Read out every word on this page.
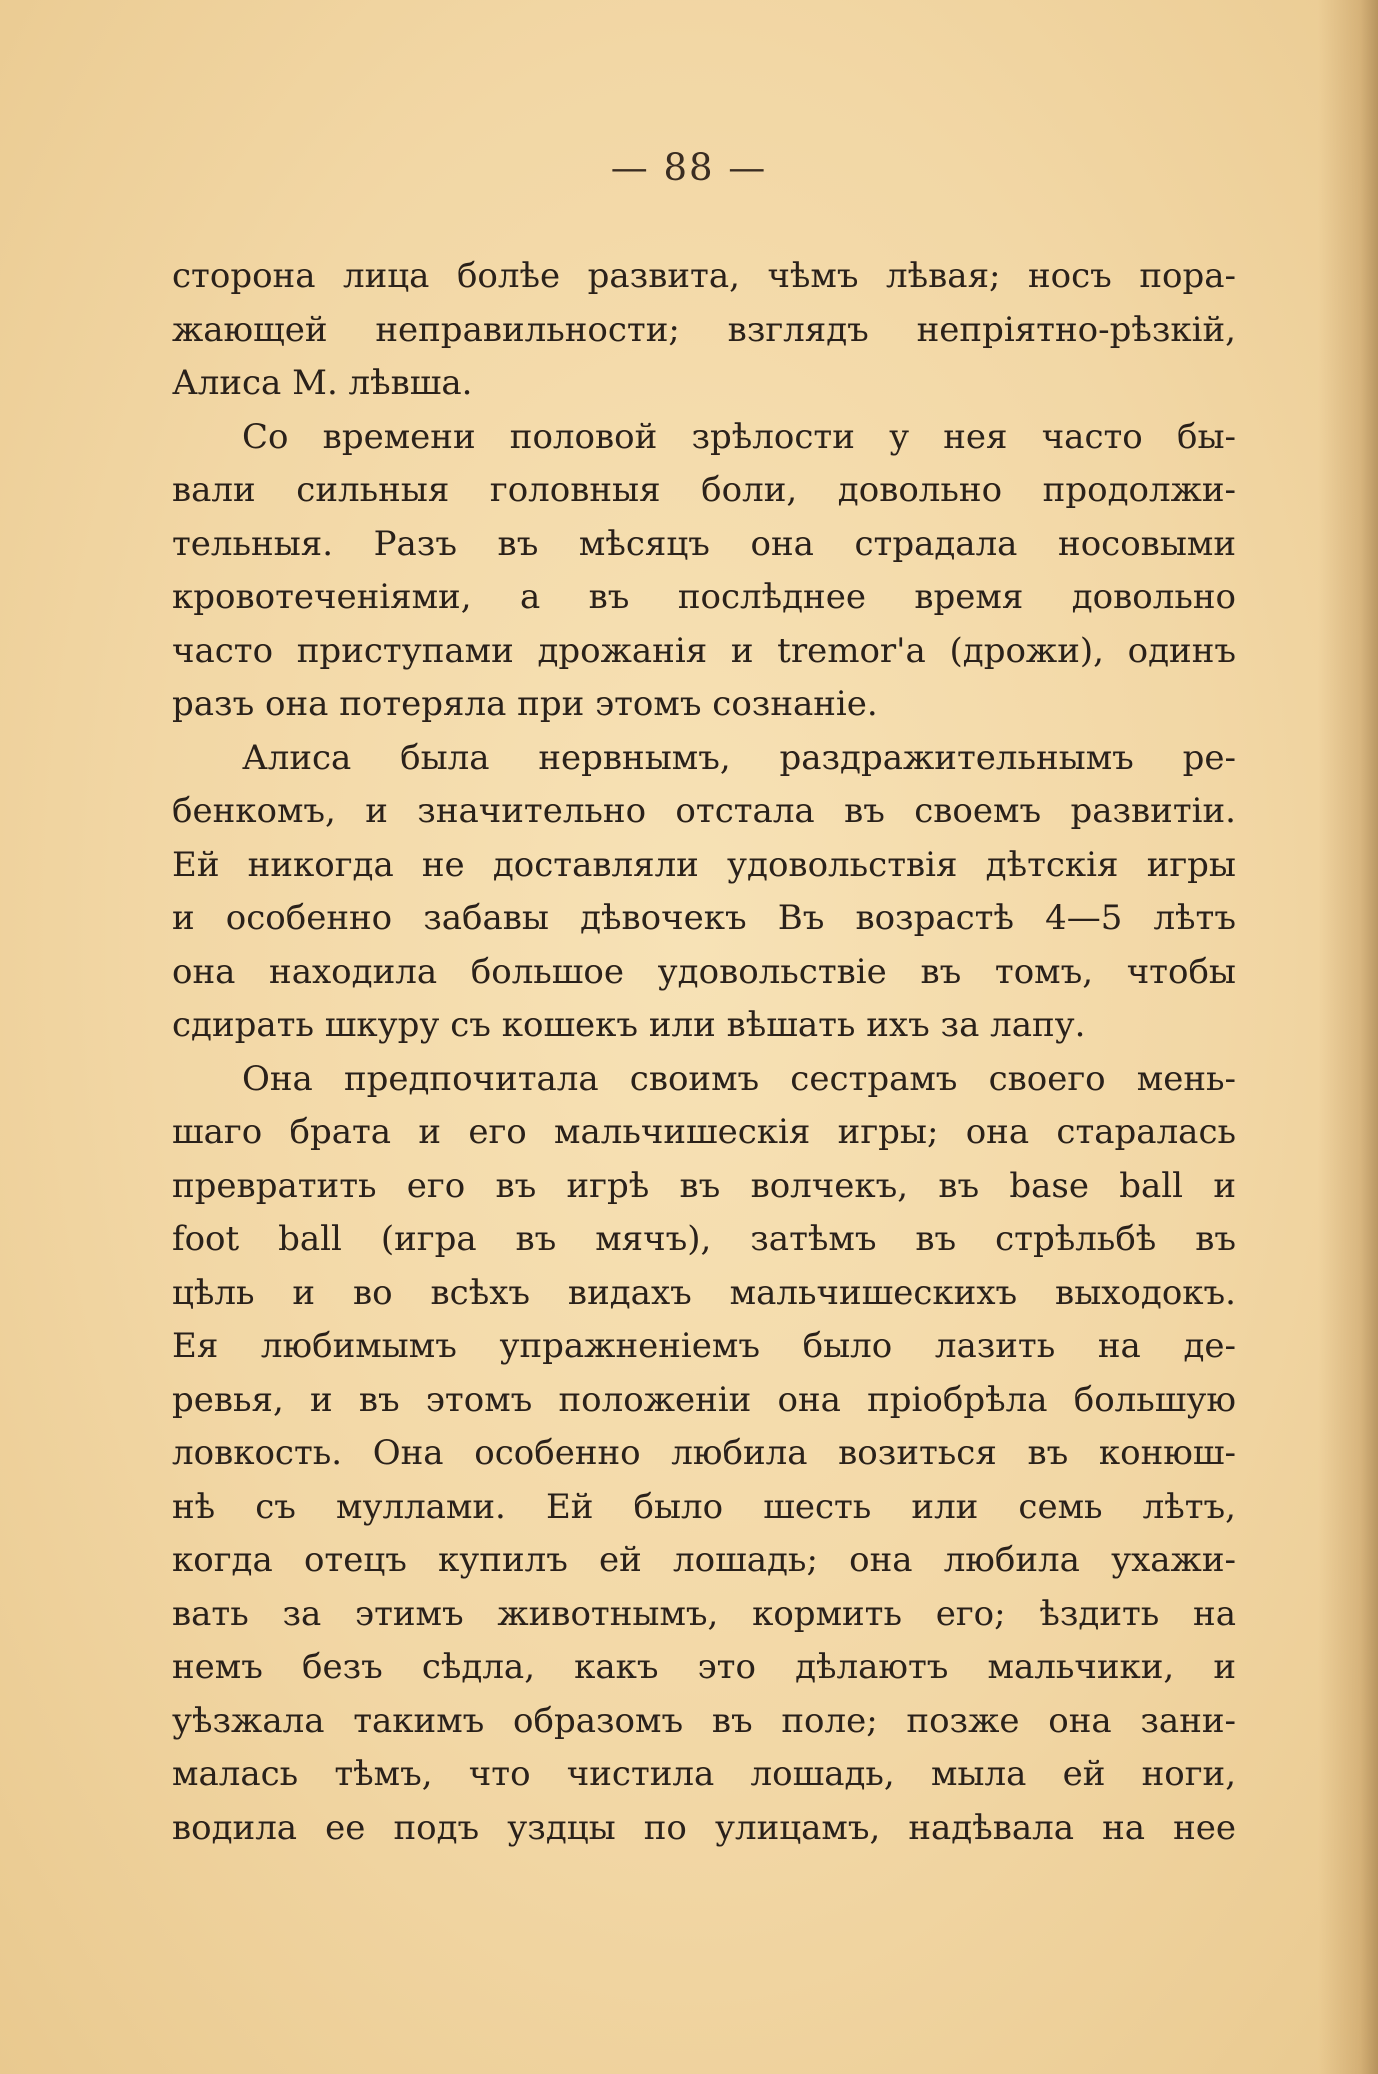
— 88 —
сторона лица болѣе развита, чѣмъ лѣвая; носъ пора-
жающей неправильности; взглядъ непріятно-рѣзкій,
Алиса М. лѣвша.
Со времени половой зрѣлости у нея часто бы-
вали сильныя головныя боли, довольно продолжи-
тельныя. Разъ въ мѣсяцъ она страдала носовыми
кровотеченіями, а въ послѣднее время довольно
часто приступами дрожанія и tremor'а (дрожи), одинъ
разъ она потеряла при этомъ сознаніе.
Алиса была нервнымъ, раздражительнымъ ре-
бенкомъ, и значительно отстала въ своемъ развитіи.
Ей никогда не доставляли удовольствія дѣтскія игры
и особенно забавы дѣвочекъ Въ возрастѣ 4—5 лѣтъ
она находила большое удовольствіе въ томъ, чтобы
сдирать шкуру съ кошекъ или вѣшать ихъ за лапу.
Она предпочитала своимъ сестрамъ своего мень-
шаго брата и его мальчишескія игры; она старалась
превратить его въ игрѣ въ волчекъ, въ base ball и
foot ball (игра въ мячъ), затѣмъ въ стрѣльбѣ въ
цѣль и во всѣхъ видахъ мальчишескихъ выходокъ.
Ея любимымъ упражненіемъ было лазить на де-
ревья, и въ этомъ положеніи она пріобрѣла большую
ловкость. Она особенно любила возиться въ конюш-
нѣ съ муллами. Ей было шесть или семь лѣтъ,
когда отецъ купилъ ей лошадь; она любила ухажи-
вать за этимъ животнымъ, кормить его; ѣздить на
немъ безъ сѣдла, какъ это дѣлаютъ мальчики, и
уѣзжала такимъ образомъ въ поле; позже она зани-
малась тѣмъ, что чистила лошадь, мыла ей ноги,
водила ее подъ уздцы по улицамъ, надѣвала на нее
